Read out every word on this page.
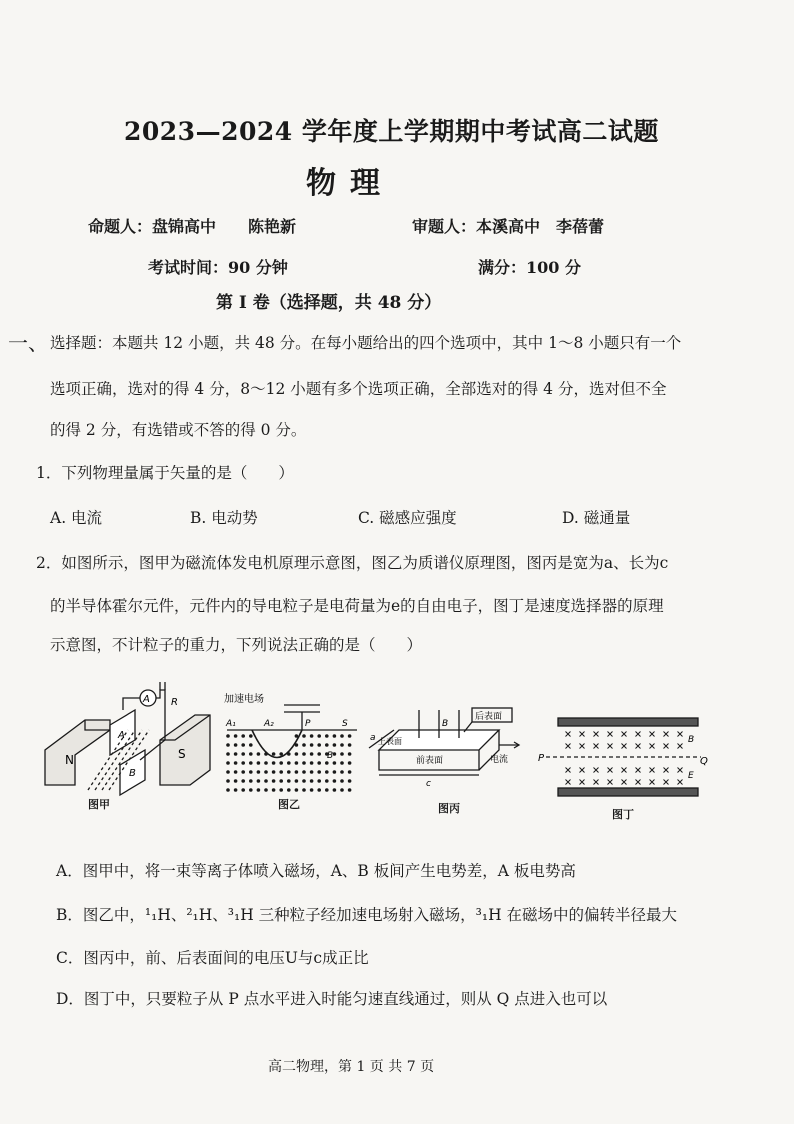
2023—2024 学年度上学期期中考试高二试题
物理
命题人：盘锦高中　　陈艳新	审题人：本溪高中　李蓓蕾
考试时间：90 分钟	满分：100 分
第 I 卷（选择题，共 48 分）
一、 选择题：本题共 12 小题，共 48 分。在每小题给出的四个选项中，其中 1～8 小题只有一个
选项正确，选对的得 4 分，8～12 小题有多个选项正确，全部选对的得 4 分，选对但不全
的得 2 分，有选错或不答的得 0 分。
1．下列物理量属于矢量的是（　　）
A. 电流	B. 电动势	C. 磁感应强度	D. 磁通量
2．如图所示，图甲为磁流体发电机原理示意图，图乙为质谱仪原理图，图丙是宽为a、长为c
的半导体霍尔元件，元件内的导电粒子是电荷量为e的自由电子，图丁是速度选择器的原理
示意图，不计粒子的重力，下列说法正确的是（　　）
A R
N	S
A
B
图甲
加速电场
A₁	A₂	P	S
B
图乙
后表面
B
上表面
前表面	电流
a
c
图丙
P	Q
B
E
图丁
A．图甲中，将一束等离子体喷入磁场，A、B 板间产生电势差，A 板电势高
B．图乙中，¹₁H、²₁H、³₁H 三种粒子经加速电场射入磁场，³₁H 在磁场中的偏转半径最大
C．图丙中，前、后表面间的电压U与c成正比
D．图丁中，只要粒子从 P 点水平进入时能匀速直线通过，则从 Q 点进入也可以
高二物理，第 1 页 共 7 页
